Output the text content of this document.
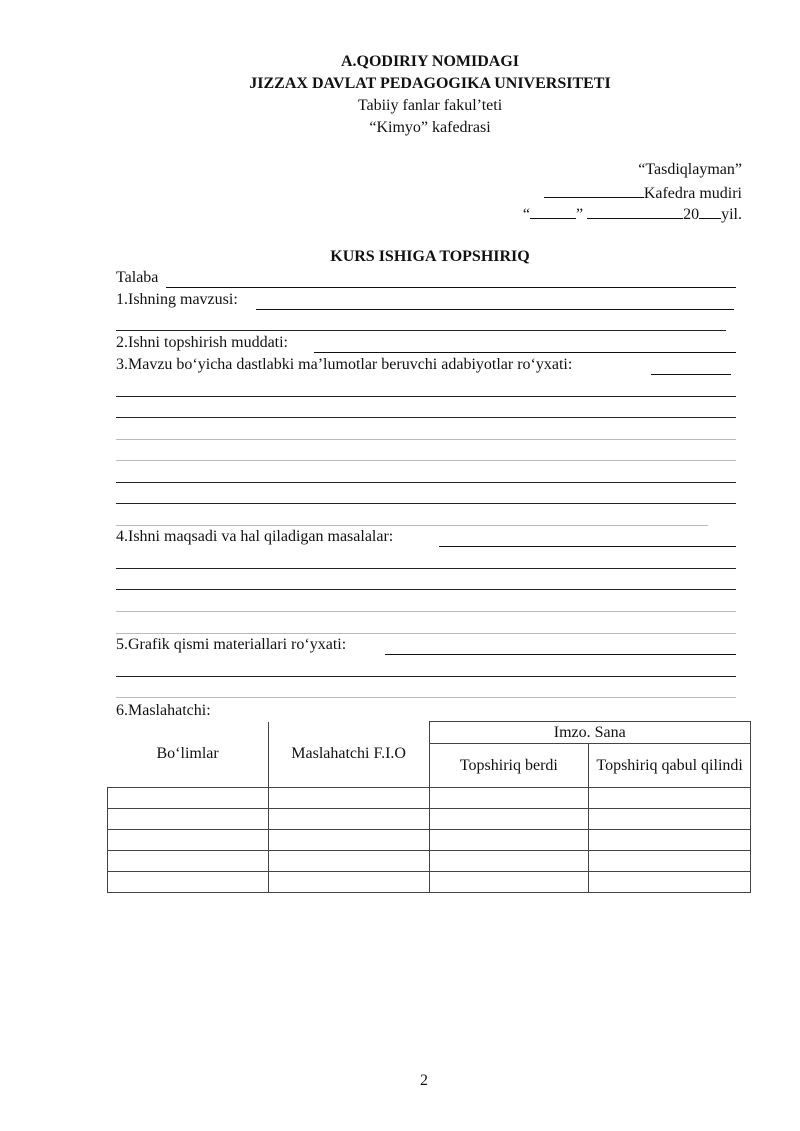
A.QODIRIY NOMIDAGI
JIZZAX DAVLAT PEDAGOGIKA UNIVERSITETI
Tabiiy fanlar fakul’teti
“Kimyo” kafedrasi
“Tasdiqlayman”
Kafedra mudiri
“	”	20 yil.
KURS ISHIGA TOPSHIRIQ
Talaba
1.Ishning mavzusi:
2.Ishni topshirish muddati:
3.Mavzu bo‘yicha dastlabki ma’lumotlar beruvchi adabiyotlar ro‘yxati:
4.Ishni maqsadi va hal qiladigan masalalar:
5.Grafik qismi materiallari ro‘yxati:
6.Maslahatchi:
Bo‘limlar	Maslahatchi F.I.O	Imzo. Sana	
		Topshiriq berdi	Topshiriq qabul qilindi

2
